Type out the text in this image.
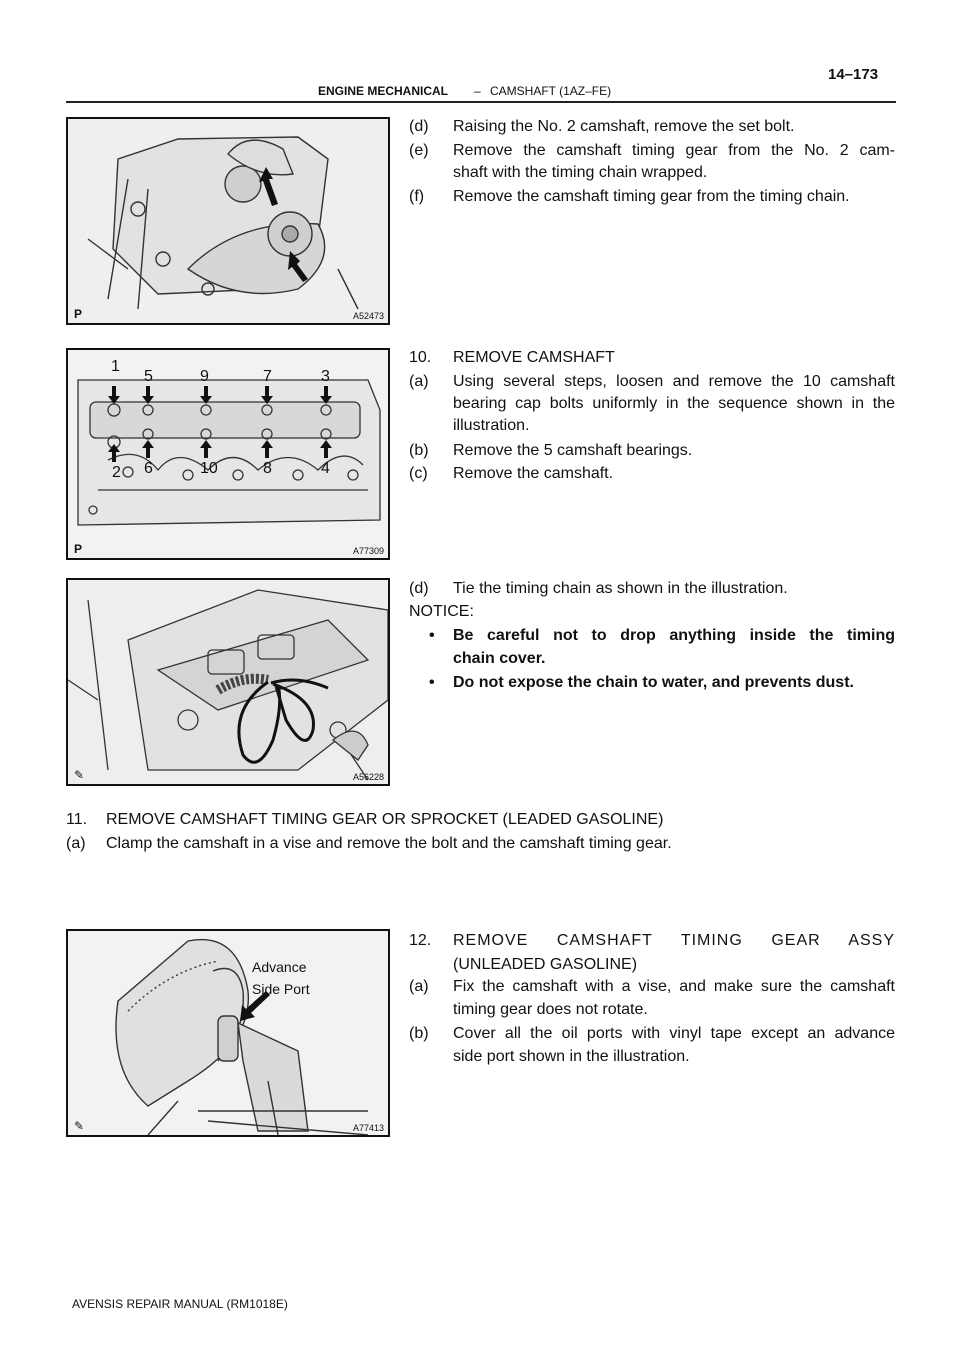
14–173
ENGINE MECHANICAL – CAMSHAFT (1AZ–FE)
P	A52473
(d) Raising the No. 2 camshaft, remove the set bolt.
(e) Remove the camshaft timing gear from the No. 2 cam-
shaft with the timing chain wrapped.
(f) Remove the camshaft timing gear from the timing chain.
1
5	9	7	3
2 6	10	8	4
P	A77309
10. REMOVE CAMSHAFT
(a) Using several steps, loosen and remove the 10 camshaft
bearing cap bolts uniformly in the sequence shown in the
illustration.
(b) Remove the 5 camshaft bearings.
(c) Remove the camshaft.
✎	A56228
(d) Tie the timing chain as shown in the illustration.
NOTICE:
• Be careful not to drop anything inside the timing
chain cover.
• Do not expose the chain to water, and prevents dust.
11. REMOVE CAMSHAFT TIMING GEAR OR SPROCKET (LEADED GASOLINE)
(a) Clamp the camshaft in a vise and remove the bolt and the camshaft timing gear.
Advance
Side Port
✎	A77413
12. REMOVE CAMSHAFT TIMING GEAR ASSY
(UNLEADED GASOLINE)
(a) Fix the camshaft with a vise, and make sure the camshaft
timing gear does not rotate.
(b) Cover all the oil ports with vinyl tape except an advance
side port shown in the illustration.
AVENSIS REPAIR MANUAL (RM1018E)
